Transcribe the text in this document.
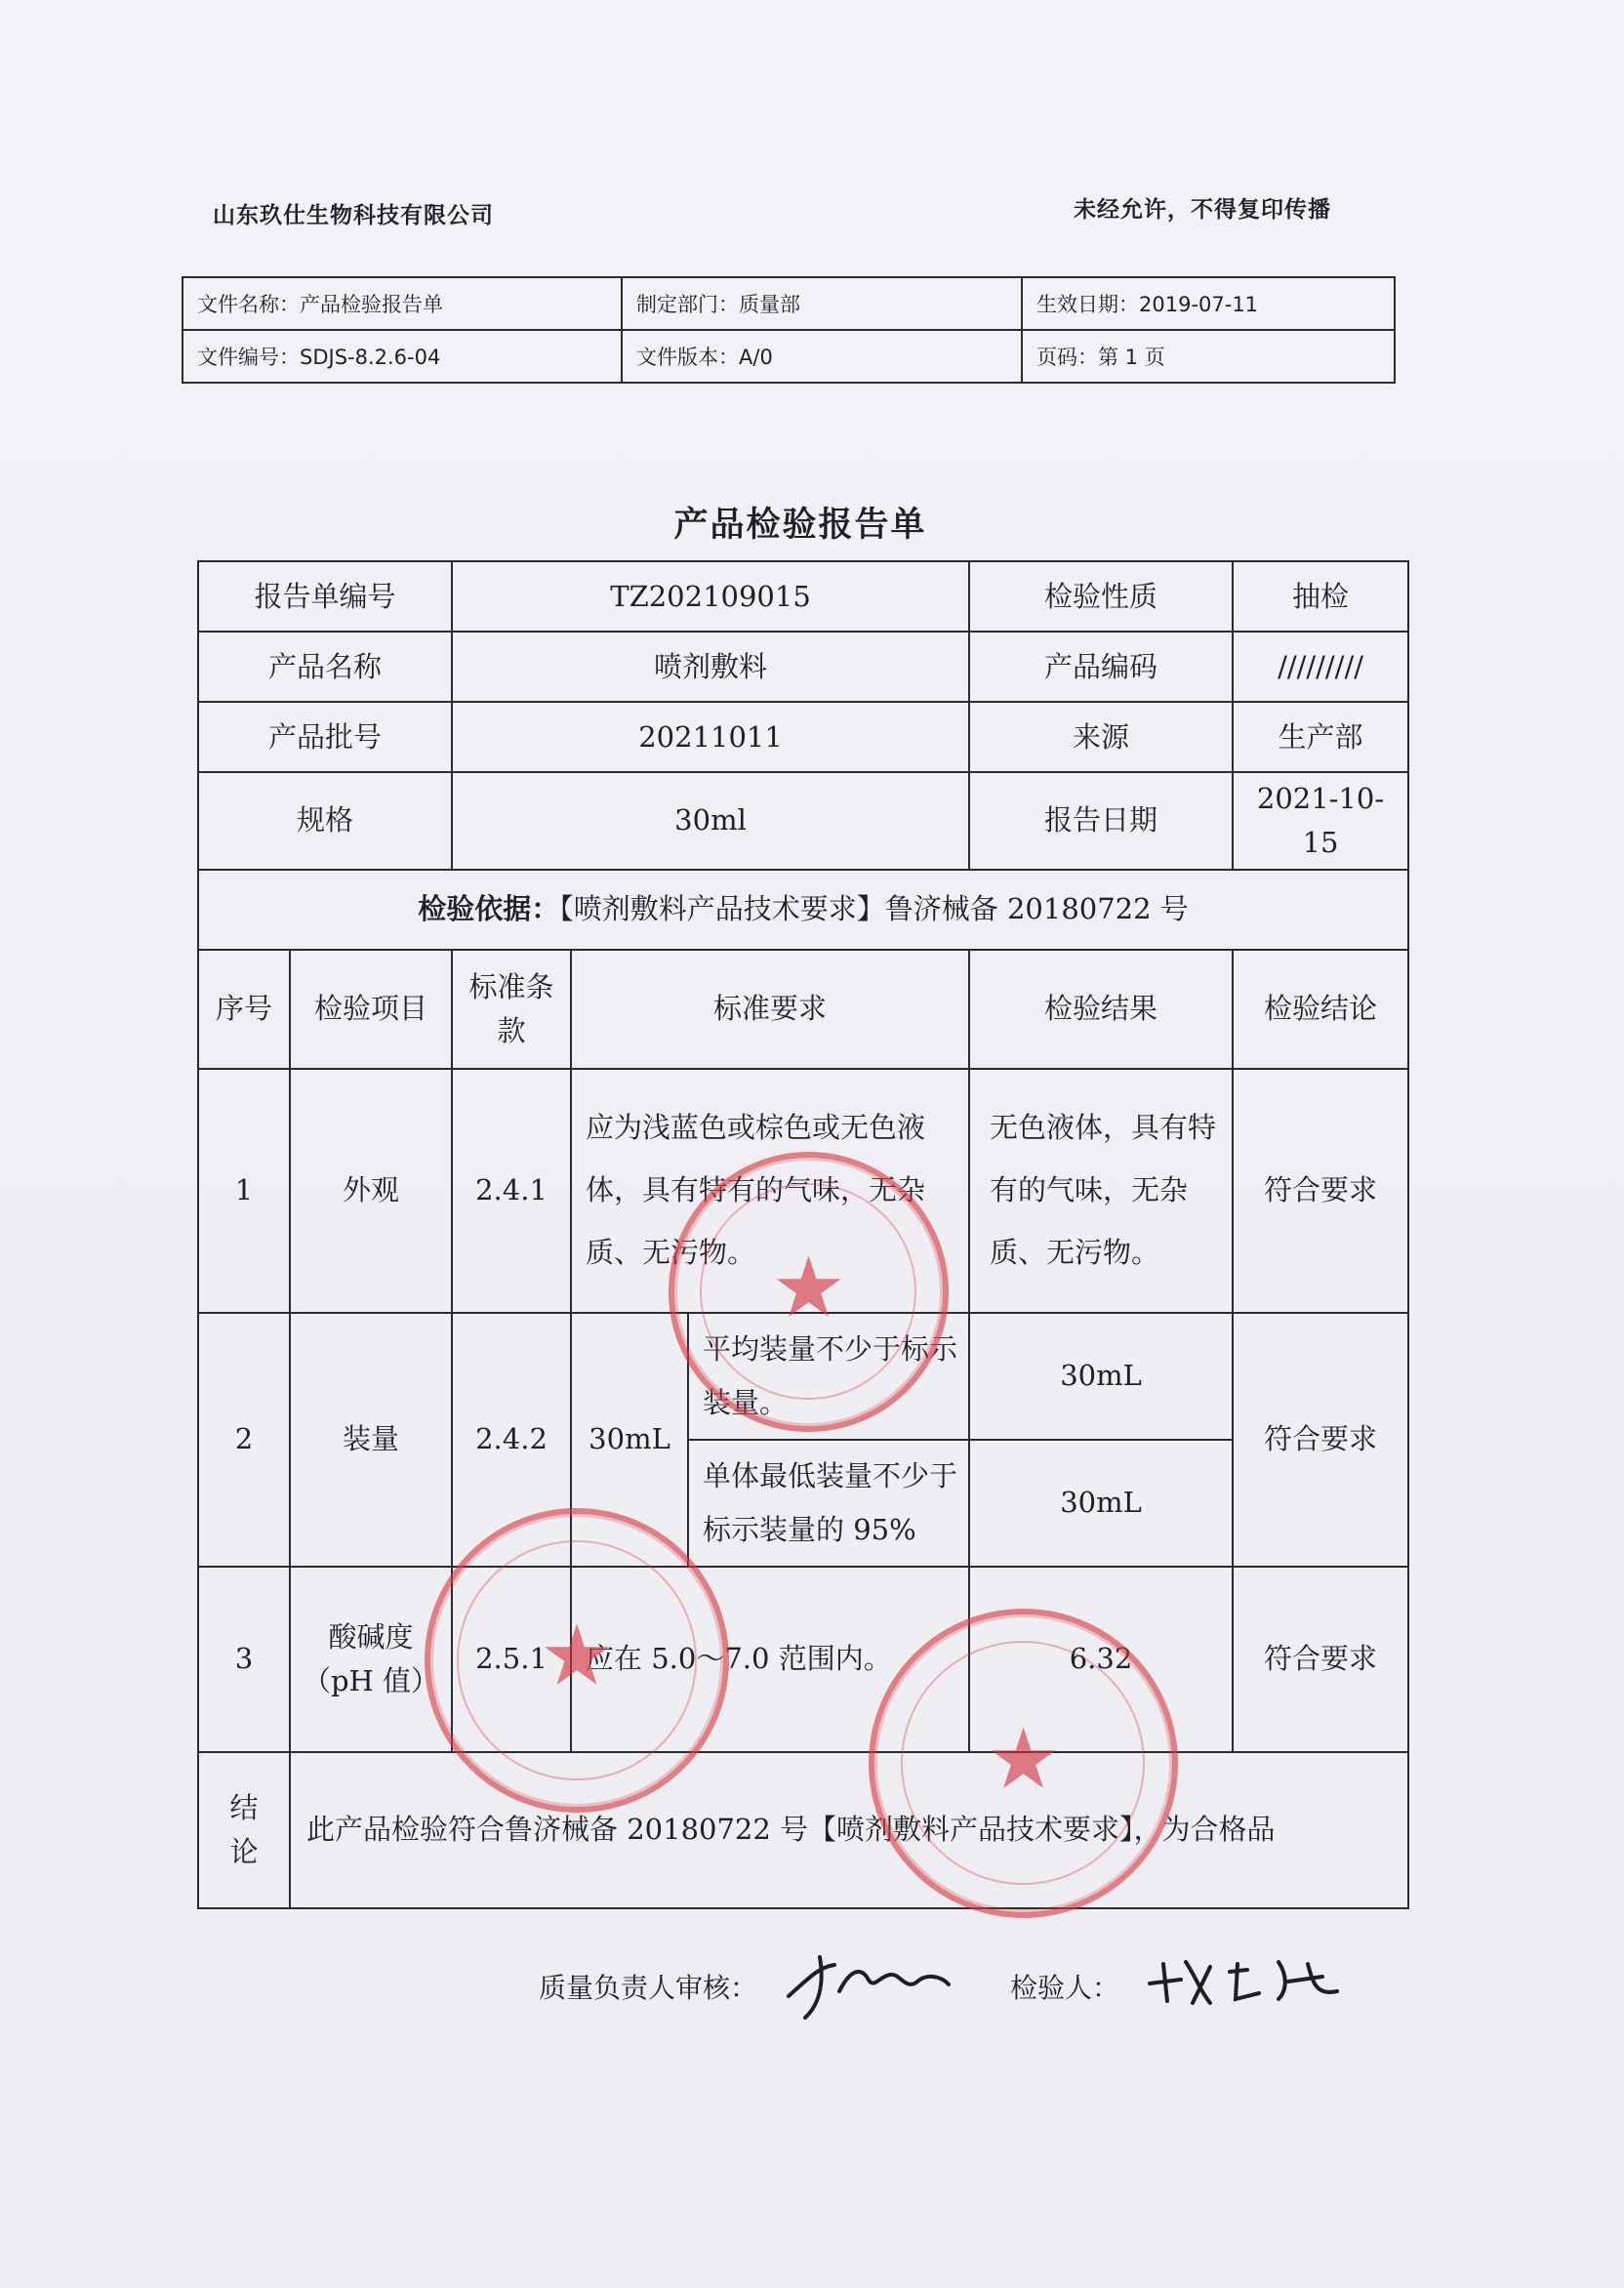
山东玖仕生物科技有限公司	未经允许，不得复印传播
文件名称：产品检验报告单	制定部门：质量部	生效日期：2019-07-11
文件编号：SDJS-8.2.6-04	文件版本：A/0	页码：第 1 页
产品检验报告单
报告单编号		TZ202109015			检验性质	抽检
产品名称		喷剂敷料			产品编码	/////////
产品批号		20211011			来源	生产部
规格		30ml			报告日期	2021-10-15
检验依据：【喷剂敷料产品技术要求】鲁济械备 20180722 号						
序号	检验项目	标准条款	标准要求		检验结果	检验结论
1	外观	2.4.1	应为浅蓝色或棕色或无色液体，具有特有的气味，无杂质、无污物。		无色液体，具有特有的气味，无杂质、无污物。	符合要求
2	装量	2.4.2	30mL	平均装量不少于标示装量。	30mL	符合要求
				单体最低装量不少于标示装量的 95%	30mL	
3	酸碱度（pH 值）	2.5.1	应在 5.0～7.0 范围内。		6.32	符合要求
结论	此产品检验符合鲁济械备 20180722 号【喷剂敷料产品技术要求】，为合格品					
★
★
★
质量负责人审核：	检验人：
